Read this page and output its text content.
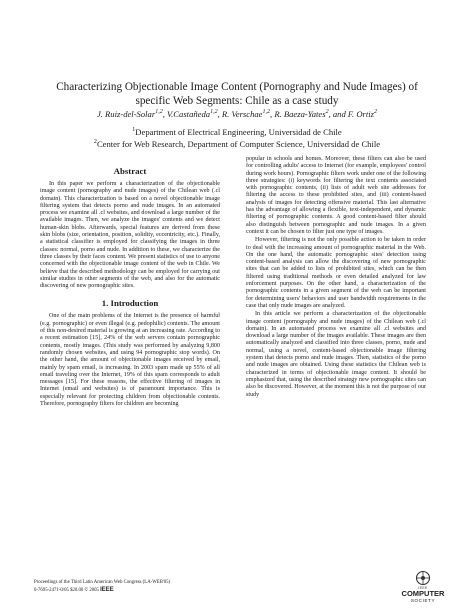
Characterizing Objectionable Image Content (Pornography and Nude Images) of specific Web Segments: Chile as a case study
J. Ruiz-del-Solar$^{1,2}$, V.Castañeda$^{1,2}$, R. Verschae$^{1,2}$, R. Baeza-Yates$^2$, and F. Ortiz$^2$
$^1$Department of Electrical Engineering, Universidad de Chile
$^2$Center for Web Research, Department of Computer Science, Universidad de Chile
Abstract

In this paper we perform a characterization of the objectionable image content (pornography and nude images) of the Chilean web (.cl domain). This characterization is based on a novel objectionable image filtering system that detects porno and nude images. In an automated process we examine all .cl websites, and download a large number of the available images. Then, we analyze the images' contents and we detect human-skin blobs. Afterwards, special features are derived from these skin blobs (size, orientation, position, solidity, eccentricity, etc.). Finally, a statistical classifier is employed for classifying the images in three classes: normal, porno and nude. In addition to these, we characterize the three classes by their faces content. We present statistics of use to anyone concerned with the objectionable image content of the web in Chile. We believe that the described methodology can be employed for carrying out similar studies in other segments of the web, and also for the automatic discovering of new pornographic sites.

1. Introduction

One of the main problems of the Internet is the presence of harmful (e.g. pornographic) or even illegal (e.g. pedophilic) contents. The amount of this non-desired material is growing at an increasing rate. According to a recent estimation [15], 24% of the web servers contain pornographic contents, mostly images. (This study was performed by analyzing 9,800 randomly chosen websites, and using 94 pornographic stop words). On the other hand, the amount of objectionable images received by email, mainly by spam email, is increasing. In 2003 spam made up 55% of all email traveling over the Internet, 19% of this spam corresponds to adult messages [15]. For these reasons, the effective filtering of images in Internet (email and websites) is of paramount importance. This is especially relevant for protecting children from objectionable contents. Therefore, pornography filters for children are becoming

popular in schools and homes. Moreover, these filters can also be used for controlling adults' access to Internet (for example, employees' control during work hours). Pornographic filters work under one of the following three strategies: (i) keywords for filtering the text contents associated with pornographic contents, (ii) lists of adult web site addresses for filtering the access to these prohibited sites, and (iii) content-based analysis of images for detecting offensive material. This last alternative has the advantage of allowing a flexible, text-independent, and dynamic filtering of pornographic contents. A good content-based filter should also distinguish between pornographic and nude images. In a given context it can be chosen to filter just one type of images.

However, filtering is not the only possible action to be taken in order to deal with the increasing amount of pornographic material in the Web. On the one hand, the automatic pornographic sites' detection using content-based analysis can allow the discovering of new pornographic sites that can be added to lists of prohibited sites, which can be then filtered using traditional methods or even detailed analyzed for law enforcement purposes. On the other hand, a characterization of the pornographic contents in a given segment of the web can be important for determining users' behaviors and user bandwidth requirements in the case that only nude images are analyzed.

In this article we perform a characterization of the objectionable image content (pornography and nude images) of the Chilean web (.cl domain). In an automated process we examine all .cl websites and download a large number of the images available. These images are then automatically analyzed and classified into three classes, porno, nude and normal, using a novel, content-based objectionable image filtering system that detects porno and nude images. Then, statistics of the porno and nude images are obtained. Using these statistics the Chilean web is characterized in terms of objectionable image content. It should be emphasized that, using the described strategy new pornographic sites can also be discovered. However, at the moment this is not the purpose of our study

Proceedings of the Third Latin American Web Congress (LA-WEB'05)
0-7695-2471-0/05 $20.00 © 2005 IEEE	IEEE
COMPUTER
SOCIETY
